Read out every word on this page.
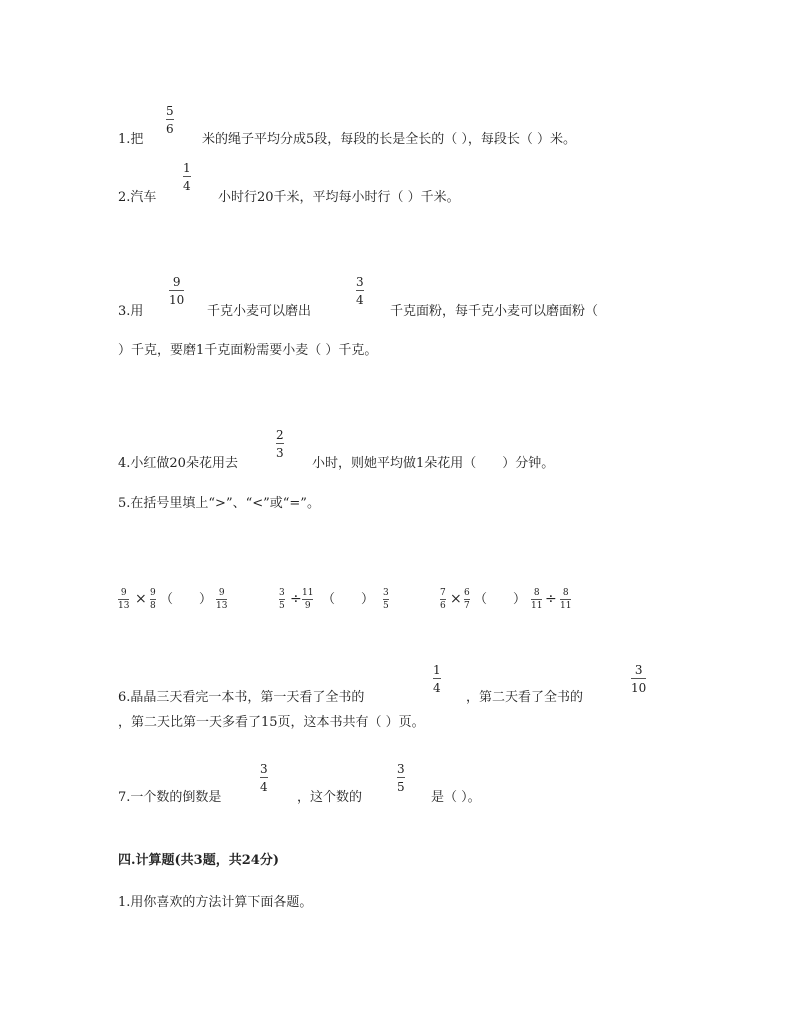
1.把
5
6
米的绳子平均分成5段，每段的长是全长的（ ），每段长（ ）米。
2.汽车
1
4
小时行20千米，平均每小时行（ ）千米。
3.用
9
10
千克小麦可以磨出
3
4
千克面粉，每千克小麦可以磨面粉（
）千克，要磨1千克面粉需要小麦（ ）千克。
4.小红做20朵花用去
2
3
小时，则她平均做1朵花用（　　）分钟。
5.在括号里填上“>”、“<”或“=”。
9
13 × 9
8 （　　） 9
13
3
5 ÷ 11
9 （　　） 3
5
7
6 × 6
7 （　　） 8
11 ÷ 8
11
6.晶晶三天看完一本书，第一天看了全书的
1
4
，第二天看了全书的
3
10
，第二天比第一天多看了15页，这本书共有（ ）页。
7.一个数的倒数是
3
4
，这个数的
3
5
是（ ）。
四.计算题(共3题，共24分)
1.用你喜欢的方法计算下面各题。
